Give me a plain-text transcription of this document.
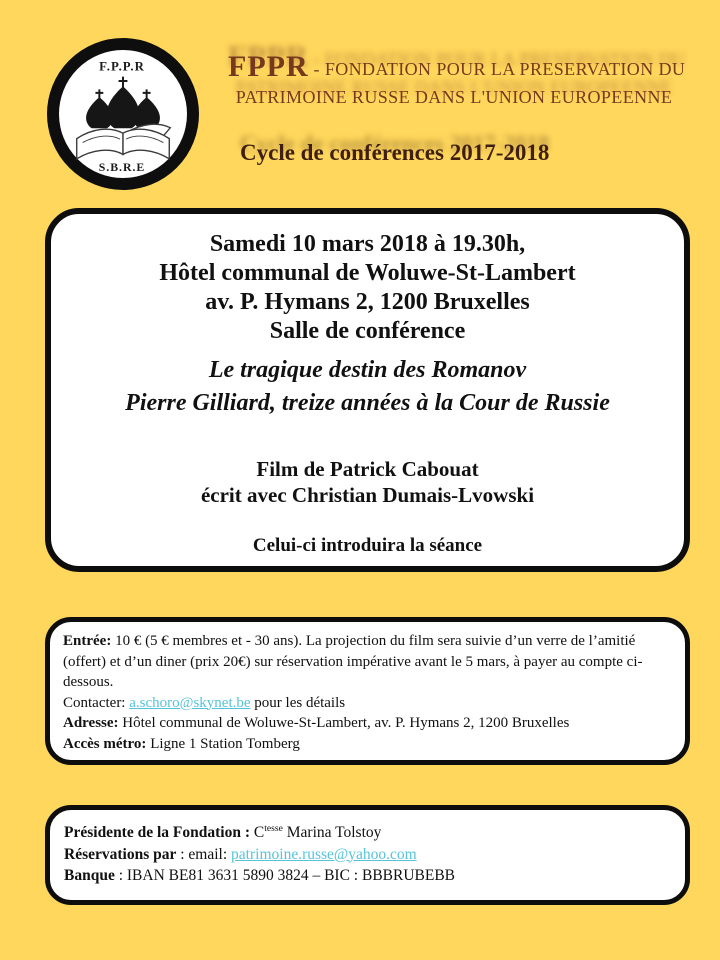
F.P.P.R
S.B.R.E
FPPR - FONDATION POUR LA PRESERVATION DU
PATRIMOINE RUSSE DANS L'UNION EUROPEENNE
Cycle de conférences 2017-2018
Samedi 10 mars 2018 à 19.30h,
Hôtel communal de Woluwe-St-Lambert
av. P. Hymans 2, 1200 Bruxelles
Salle de conférence
Le tragique destin des Romanov
Pierre Gilliard, treize années à la Cour de Russie
Film de Patrick Cabouat
écrit avec Christian Dumais-Lvowski
Celui-ci introduira la séance
Entrée: 10 € (5 € membres et - 30 ans). La projection du film sera suivie d’un verre de l’amitié (offert) et d’un diner (prix 20€) sur réservation impérative avant le 5 mars, à payer au compte ci-dessous.
Contacter: a.schoro@skynet.be pour les détails
Adresse: Hôtel communal de Woluwe-St-Lambert, av. P. Hymans 2, 1200 Bruxelles
Accès métro: Ligne 1 Station Tomberg
Présidente de la Fondation : $C^{tesse}$ Marina Tolstoy
Réservations par : email: patrimoine.russe@yahoo.com
Banque : IBAN BE81 3631 5890 3824 – BIC : BBBRUBEBB
